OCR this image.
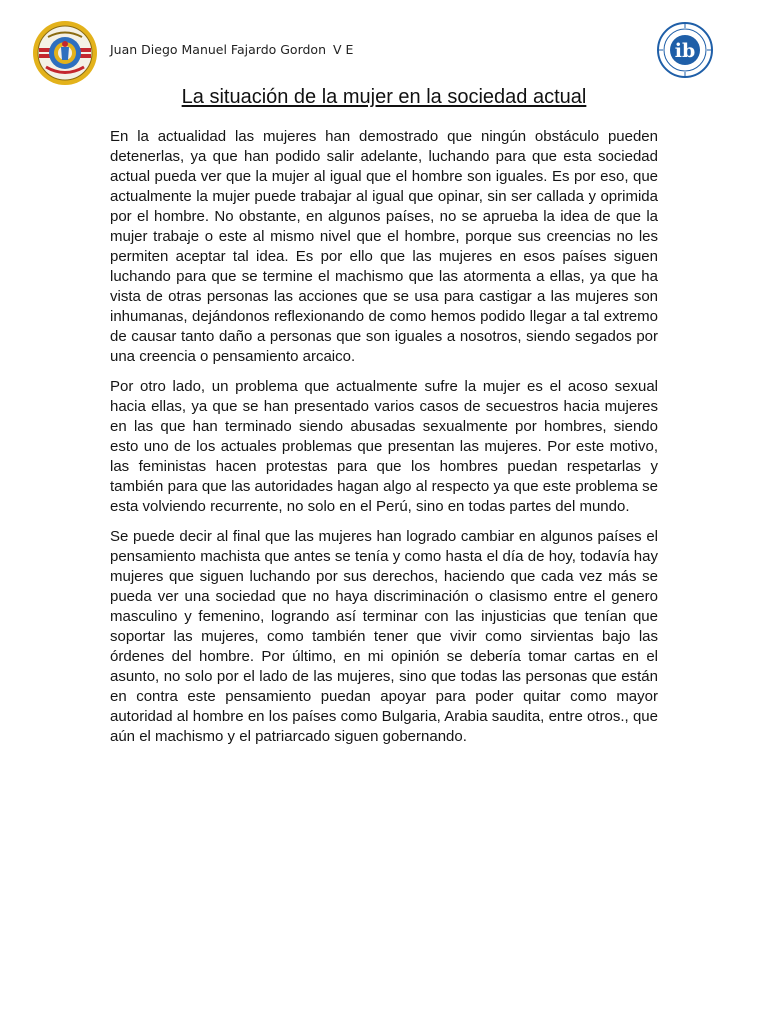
Juan Diego Manuel Fajardo Gordon V E	ib
La situación de la mujer en la sociedad actual

En la actualidad las mujeres han demostrado que ningún obstáculo pueden detenerlas, ya que han podido salir adelante, luchando para que esta sociedad actual pueda ver que la mujer al igual que el hombre son iguales. Es por eso, que actualmente la mujer puede trabajar al igual que opinar, sin ser callada y oprimida por el hombre. No obstante, en algunos países, no se aprueba la idea de que la mujer trabaje o este al mismo nivel que el hombre, porque sus creencias no les permiten aceptar tal idea. Es por ello que las mujeres en esos países siguen luchando para que se termine el machismo que las atormenta a ellas, ya que ha vista de otras personas las acciones que se usa para castigar a las mujeres son inhumanas, dejándonos reflexionando de como hemos podido llegar a tal extremo de causar tanto daño a personas que son iguales a nosotros, siendo segados por una creencia o pensamiento arcaico.

Por otro lado, un problema que actualmente sufre la mujer es el acoso sexual hacia ellas, ya que se han presentado varios casos de secuestros hacia mujeres en las que han terminado siendo abusadas sexualmente por hombres, siendo esto uno de los actuales problemas que presentan las mujeres. Por este motivo, las feministas hacen protestas para que los hombres puedan respetarlas y también para que las autoridades hagan algo al respecto ya que este problema se esta volviendo recurrente, no solo en el Perú, sino en todas partes del mundo.

Se puede decir al final que las mujeres han logrado cambiar en algunos países el pensamiento machista que antes se tenía y como hasta el día de hoy, todavía hay mujeres que siguen luchando por sus derechos, haciendo que cada vez más se pueda ver una sociedad que no haya discriminación o clasismo entre el genero masculino y femenino, logrando así terminar con las injusticias que tenían que soportar las mujeres, como también tener que vivir como sirvientas bajo las órdenes del hombre. Por último, en mi opinión se debería tomar cartas en el asunto, no solo por el lado de las mujeres, sino que todas las personas que están en contra este pensamiento puedan apoyar para poder quitar como mayor autoridad al hombre en los países como Bulgaria, Arabia saudita, entre otros., que aún el machismo y el patriarcado siguen gobernando.
